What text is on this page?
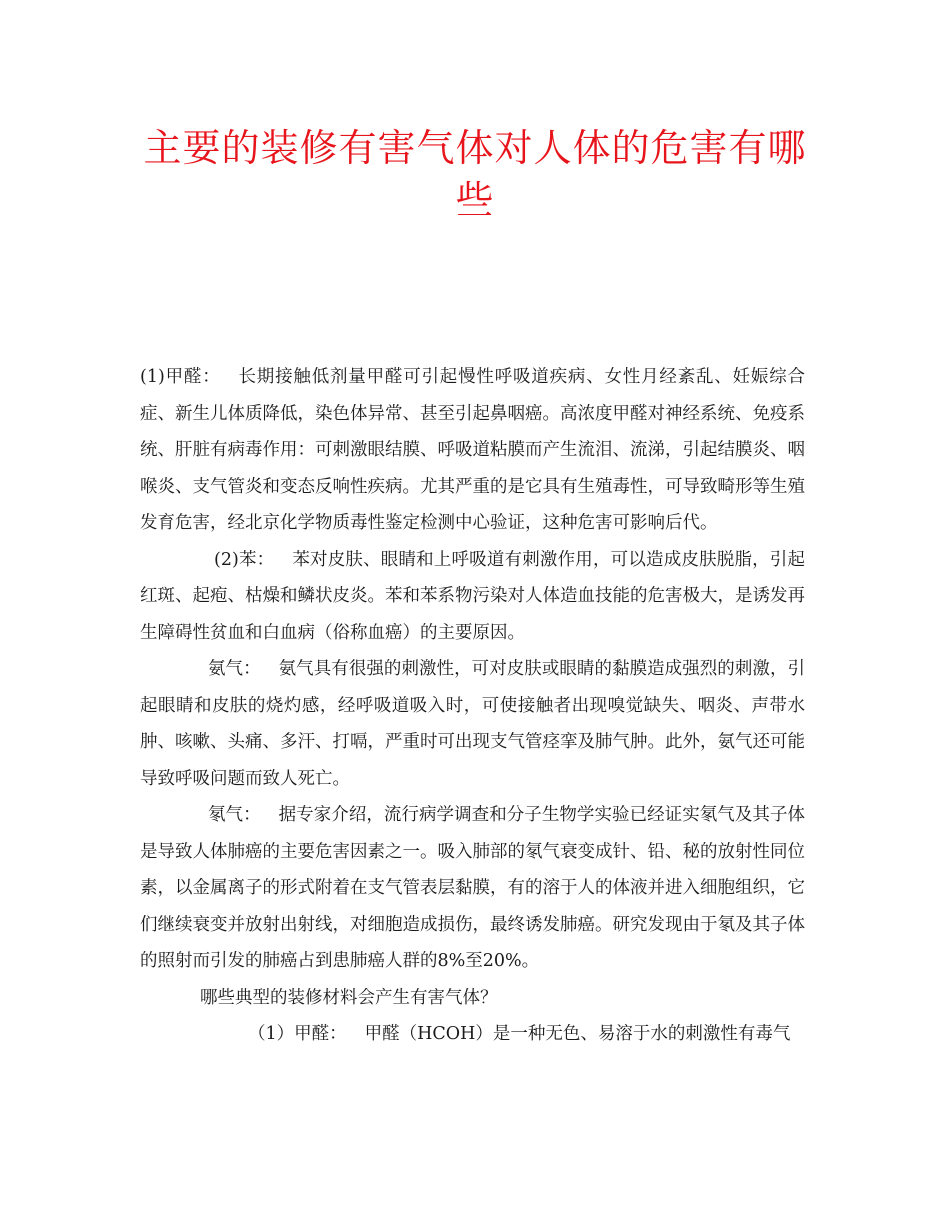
主要的装修有害气体对人体的危害有哪些

(1)甲醛： 长期接触低剂量甲醛可引起慢性呼吸道疾病、女性月经紊乱、妊娠综合症、新生儿体质降低，染色体异常、甚至引起鼻咽癌。高浓度甲醛对神经系统、免疫系统、肝脏有病毒作用：可刺激眼结膜、呼吸道粘膜而产生流泪、流涕，引起结膜炎、咽喉炎、支气管炎和变态反响性疾病。尤其严重的是它具有生殖毒性，可导致畸形等生殖发育危害，经北京化学物质毒性鉴定检测中心验证，这种危害可影响后代。

(2)苯： 苯对皮肤、眼睛和上呼吸道有刺激作用，可以造成皮肤脱脂，引起红斑、起疱、枯燥和鳞状皮炎。苯和苯系物污染对人体造血技能的危害极大，是诱发再生障碍性贫血和白血病（俗称血癌）的主要原因。

氨气： 氨气具有很强的刺激性，可对皮肤或眼睛的黏膜造成强烈的刺激，引起眼睛和皮肤的烧灼感，经呼吸道吸入时，可使接触者出现嗅觉缺失、咽炎、声带水肿、咳嗽、头痛、多汗、打嗝，严重时可出现支气管痉挛及肺气肿。此外，氨气还可能导致呼吸问题而致人死亡。

氡气： 据专家介绍，流行病学调查和分子生物学实验已经证实氡气及其子体是导致人体肺癌的主要危害因素之一。吸入肺部的氡气衰变成针、铅、秘的放射性同位素，以金属离子的形式附着在支气管表层黏膜，有的溶于人的体液并进入细胞组织，它们继续衰变并放射出射线，对细胞造成损伤，最终诱发肺癌。研究发现由于氡及其子体的照射而引发的肺癌占到患肺癌人群的8%至20%。

哪些典型的装修材料会产生有害气体？

（1）甲醛： 甲醛（HCOH）是一种无色、易溶于水的刺激性有毒气
